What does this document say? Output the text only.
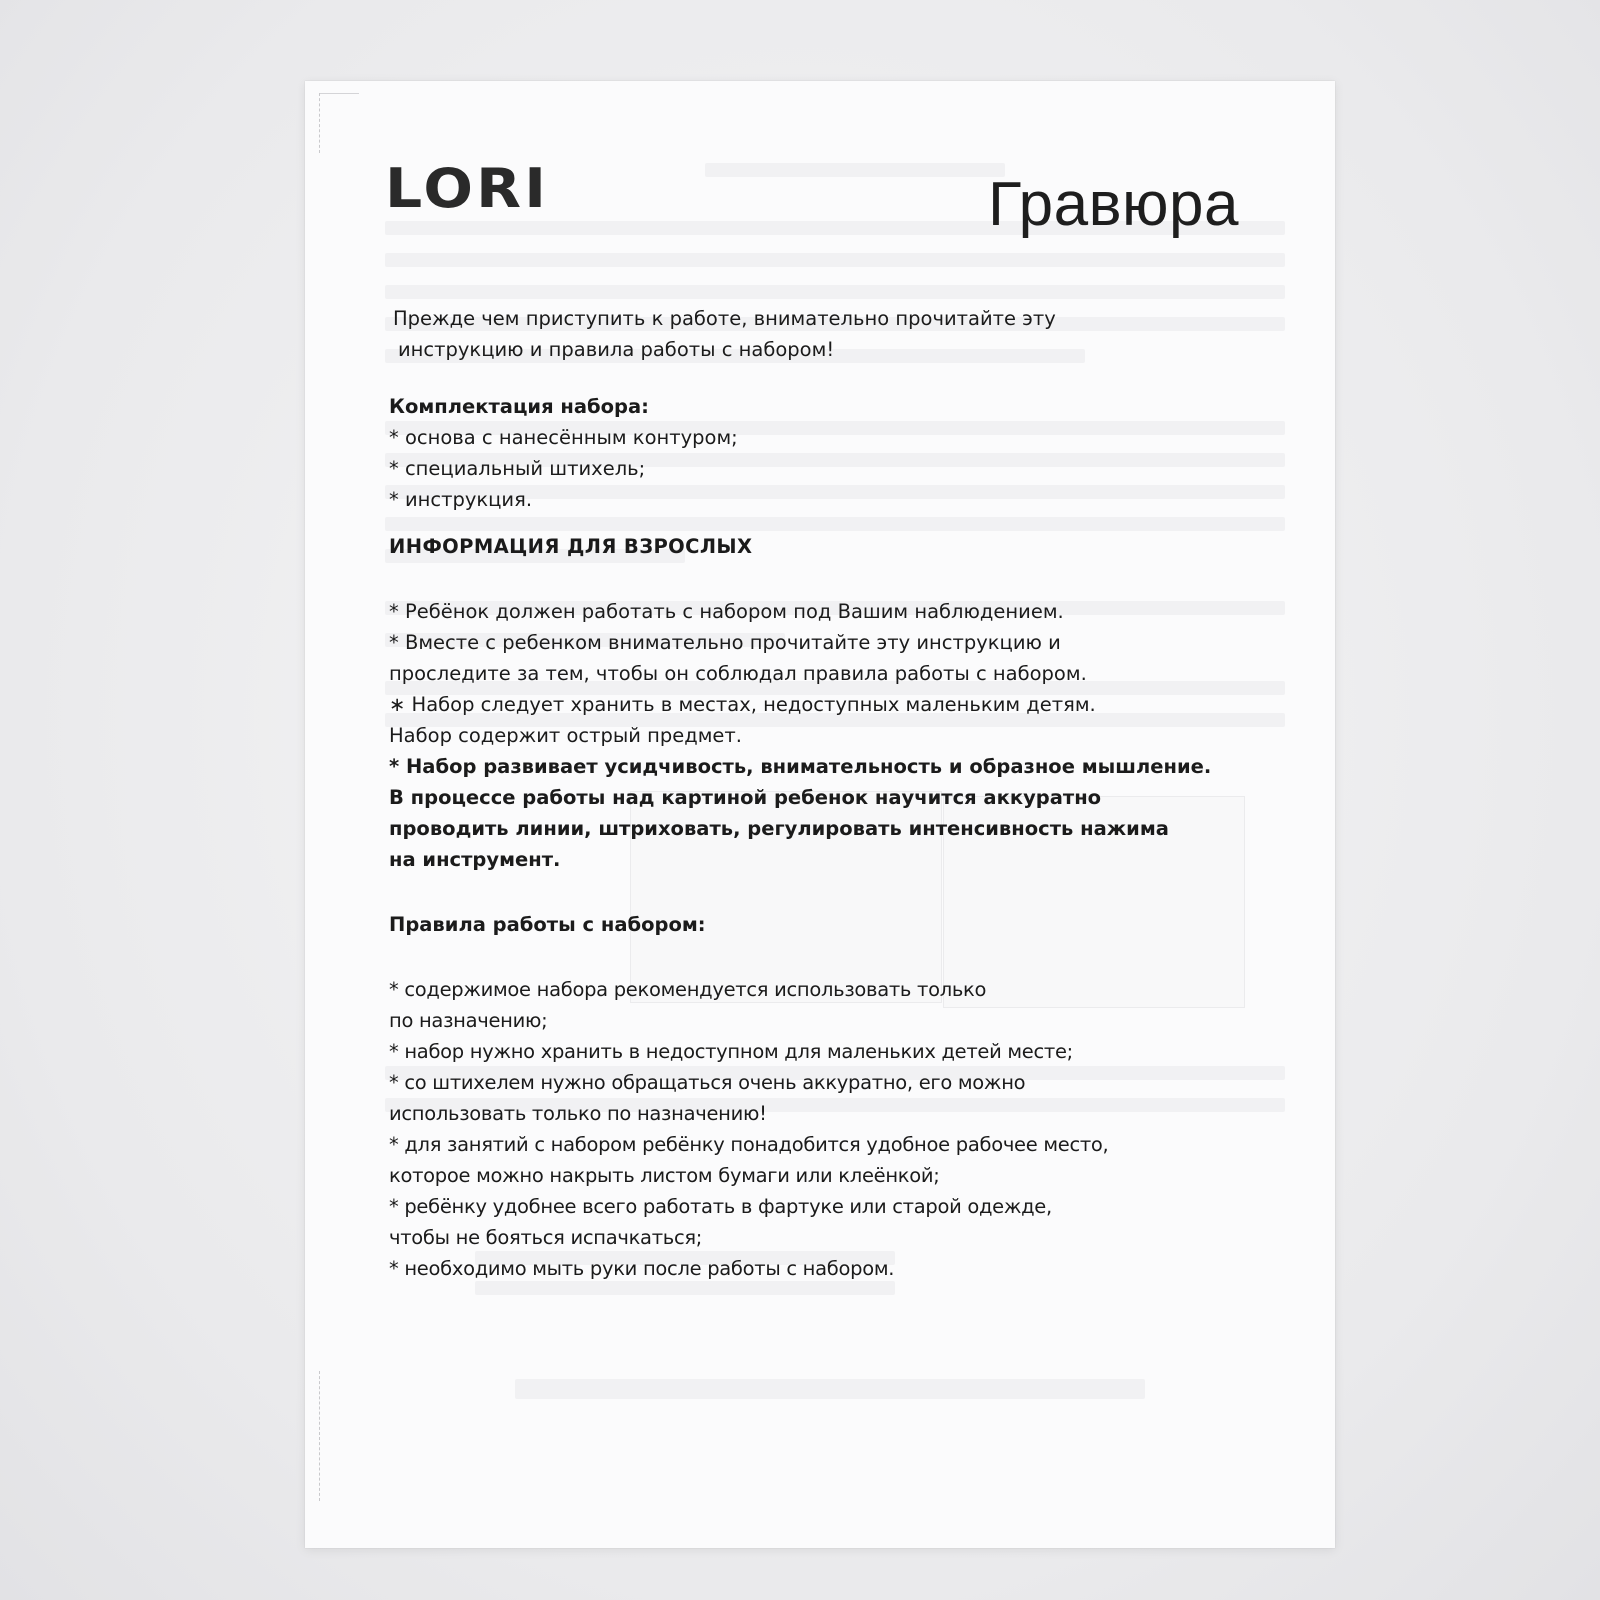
LORI	Гравюра

Прежде чем приступить к работе, внимательно прочитайте эту

инструкцию и правила работы с набором!

Комплектация набора:

* основа с нанесённым контуром;

* специальный штихель;

* инструкция.

ИНФОРМАЦИЯ ДЛЯ ВЗРОСЛЫХ

* Ребёнок должен работать с набором под Вашим наблюдением.

* Вместе с ребенком внимательно прочитайте эту инструкцию и

проследите за тем, чтобы он соблюдал правила работы с набором.

∗ Набор следует хранить в местах, недоступных маленьким детям.

Набор содержит острый предмет.

* Набор развивает усидчивость, внимательность и образное мышление.

В процессе работы над картиной ребенок научится аккуратно

проводить линии, штриховать, регулировать интенсивность нажима

на инструмент.

Правила работы с набором:

* содержимое набора рекомендуется использовать только

по назначению;

* набор нужно хранить в недоступном для маленьких детей месте;

* со штихелем нужно обращаться очень аккуратно, его можно

использовать только по назначению!

* для занятий с набором ребёнку понадобится удобное рабочее место,

которое можно накрыть листом бумаги или клеёнкой;

* ребёнку удобнее всего работать в фартуке или старой одежде,

чтобы не бояться испачкаться;

* необходимо мыть руки после работы с набором.
